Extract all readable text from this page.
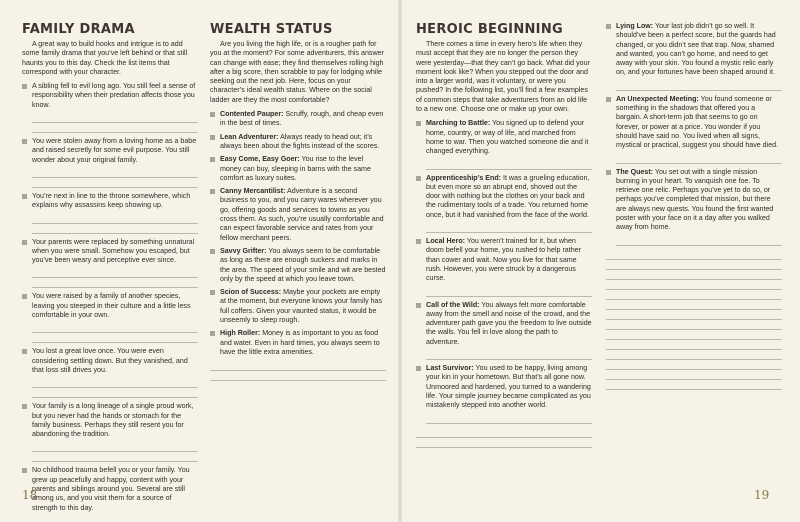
FAMILY DRAMA

A great way to build hooks and intrigue is to add some family drama that you’ve left behind or that still haunts you to this day. Check the list items that correspond with your character.

A sibling fell to evil long ago. You still feel a sense of responsibility when their predation affects those you know.
You were stolen away from a loving home as a babe and raised secretly for some evil purpose. You still wonder about your original family.
You’re next in line to the throne somewhere, which explains why assassins keep showing up.
Your parents were replaced by something unnatural when you were small. Somehow you escaped, but you’ve been weary and perceptive ever since.
You were raised by a family of another species, leaving you steeped in their culture and a little less comfortable in your own.
You lost a great love once. You were even considering settling down. But they vanished, and that loss still drives you.
Your family is a long lineage of a single proud work, but you never had the hands or stomach for the family business. Perhaps they still resent you for abandoning the tradition.
No childhood trauma befell you or your family. You grew up peacefully and happy, content with your parents and siblings around you. Several are still among us, and you visit them for a source of strength to this day.
WEALTH STATUS

Are you living the high life, or is a rougher path for you at the moment? For some adventurers, this answer can change with ease; they find themselves rolling high after a big score, then scrabble to pay for lodging while seeking out the next job. Here, focus on your character’s ideal wealth status. Where on the social ladder are they the most comfortable?

Contented Pauper: Scruffy, rough, and cheap even in the best of times.
Lean Adventurer: Always ready to head out; it’s always been about the fights instead of the scores.
Easy Come, Easy Goer: You rise to the level money can buy, sleeping in barns with the same comfort as luxury suites.
Canny Mercantilist: Adventure is a second business to you, and you carry wares wherever you go, offering goods and services to towns as you cross them. As such, you’re usually comfortable and can expect favorable service and rates from your fellow merchant peers.
Savvy Grifter: You always seem to be comfortable as long as there are enough suckers and marks in the area. The speed of your smile and wit are bested only by the speed at which you leave town.
Scion of Success: Maybe your pockets are empty at the moment, but everyone knows your family has full coffers. Given your vaunted status, it would be unseemly to sleep rough.
High Roller: Money is as important to you as food and water. Even in hard times, you always seem to have the little extra amenities.
18
HEROIC BEGINNING

There comes a time in every hero’s life when they must accept that they are no longer the person they were yesterday—that they can’t go back. What did your moment look like? When you stepped out the door and into a larger world, was it voluntary, or were you pushed? In the following list, you’ll find a few examples of common steps that take adventurers from an old life to a new one. Choose one or make up your own.

Marching to Battle: You signed up to defend your home, country, or way of life, and marched from home to war. Then you watched someone die and it changed everything.
Apprenticeship’s End: It was a grueling education, but even more so an abrupt end, shoved out the door with nothing but the clothes on your back and the rudimentary tools of a trade. You returned home once, but it had vanished from the face of the world.
Local Hero: You weren’t trained for it, but when doom befell your home, you rushed to help rather than cower and wait. Now you live for that same rush. However, you were struck by a dangerous curse.
Call of the Wild: You always felt more comfortable away from the smell and noise of the crowd, and the adventurer path gave you the freedom to live outside the walls. You fell in love along the path to adventure.
Last Survivor: You used to be happy, living among your kin in your hometown. But that’s all gone now. Unmoored and hardened, you turned to a wandering life. Your simple journey became complicated as you mistakenly stepped into another world.
Lying Low: Your last job didn’t go so well. It should’ve been a perfect score, but the guards had changed, or you didn’t see that trap. Now, shamed and wanted, you can’t go home, and need to get away with your skin. You found a mystic relic early on, and your fortunes have been shaped around it.
An Unexpected Meeting: You found someone or something in the shadows that offered you a bargain. A short-term job that seems to go on forever, or power at a price. You wonder if you should have said no. You lived when all signs, mystical or practical, suggest you should have died.
The Quest: You set out with a single mission burning in your heart. To vanquish one foe. To retrieve one relic. Perhaps you’ve yet to do so, or perhaps you’ve completed that mission, but there are always new quests. You found the first wanted poster with your face on it a day after you walked away from home.
19
